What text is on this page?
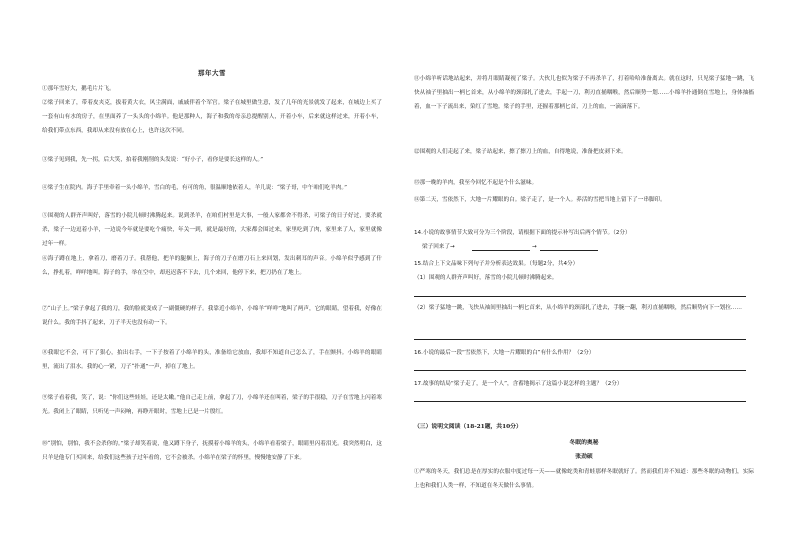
那年大雪
①那年雪好大，鹅毛片片飞。
②梁子回来了，带着皮夹克，拔着黄大衣，风尘满面，戚戚伴着个军官。梁子在城里做生意，发了几年的光景就发了起来，在城边上买了一套有山有水的房子，在里面养了一头头的小绵羊。他是那种人，海子和我的母亲总提醒别人，开着小车，后来就这样过来，开着小车，给我们带点东西，我却从来没有放在心上，也许这次不同。
③梁子见到我，先一拐，后大笑，拍着我刚削的头发说：“好小子，看你是要长这样的人。”
④梁子生在院内。海子手里牵着一头小绵羊，雪白的毛，有可的角，很温顺地依着人，羊儿说：“梁子哥，中午咱们吃羊肉。”
⑤围观的人群齐声叫好，落雪的小院儿顿时沸腾起来。说到杀羊，在咱们村里是大事，一般人家都舍不得杀，可梁子的日子好过，要杀就杀，梁子一边逗着小羊，一边说今年就是要吃个痛快，年关一到，就是最好的，大家都会围过来，家里吃到了肉，家里来了人，家里就像过年一样。
⑥海子蹲在地上，拿着刀，磨着刀子。我帮他，把羊的腿捆上，海子的刀子在磨刀石上来回划，发出刺耳的声音。小绵羊似乎感到了什么，挣扎着，咩咩地叫。海子的手，举在空中，却迟迟落不下去，几个来回，他停下来，把刀扔在了地上。
⑦“山子上。”梁子拿起了我的刀，我的脸就变成了一副僵硬的样子。我靠近小绵羊，小绵羊“咩咩”地叫了两声，它的眼睛，望着我，好像在说什么。我的手抖了起来，刀子半天也没有动一下。
⑧我眼它不会，可下了狠心，拍出右手，一下子按着了小绵羊的头，准备给它放血，我却不知道自己怎么了，手在颤抖。小绵羊的眼睛里，流出了泪水。我的心一紧，刀子“扑通”一声，掉在了地上。
⑨梁子看着我，笑了，说：“你们这些娃娃，还是太嫩。”他自己走上前，拿起了刀，小绵羊还在叫着，梁子的手很稳，刀子在雪地上闪着寒光。我闭上了眼睛，只听见一声闷响，再睁开眼时，雪地上已是一片殷红。
⑩“别怕，别怕，我不会杀你的。”梁子却笑着说，他又蹲下身子，抚摸着小绵羊的头，小绵羊看着梁子，眼睛里闪着泪光。我突然明白，这只羊是他专门买回来，给我们这些孩子过年看的，它不会被杀。小绵羊在梁子的怀里，慢慢地安静了下来。
⑪小绵羊听话地站起来，并将月眼睛凝视了梁子。大伙儿也似为梁子不再杀羊了，打着哈哈准备离去。就在这时，只见梁子猛地一跳，飞快从袖子里抽出一柄匕首来，从小绵羊的颈部扎了进去，手起一刀，利刃直捅咽喉，然后顺势一划……小绵羊扑通倒在雪地上，身体抽搐着，血一下子流出来，染红了雪地。梁子的手里，还握着那柄匕首，刀上的血，一滴滴落下。
⑫围观的人们走起了来，梁子站起来，擦了擦刀上的血，自得地说，准备把皮剥下来。
⑬那一晚的羊肉，我至今回忆不起是个什么滋味。
⑭第二天，雪依然下，大地一片耀眼的白。梁子走了，是一个人。养活的雪把当地上留下了一串脚印。
14.小说的故事情节大致可分为三个阶段，请根据下面的提示补写出后两个情节。（2分）
梁子回来了→	→
15.结合上下文品味下列句子并分析表达效果。（每题2分，共4分）
（1）围观的人群齐声叫好，落雪的小院儿顿时沸腾起来。
（2）梁子猛地一跳，飞快从袖间里抽出一柄匕首来，从小绵羊的颈部扎了进去，手腕一翻，利刃直捅咽喉，然后顺势向下一划拉……
16.小说的最后一段“雪依然下，大地一片耀眼的白”有什么作用？（2分）
17.故事的结局“梁子走了，是一个人”，含蓄地揭示了这篇小说怎样的主题？（2分）
（三）说明文阅读（18-21题，共10分）
冬眠的奥秘
张劲硕
①严寒的冬天，我们总是在厚实的衣服中度过每一天——就像蛇类和青蛙那样冬眠就好了。然而我们并不知道：那些冬眠的动物们，实际上也和我们人类一样，不知道在冬天做什么事情。
